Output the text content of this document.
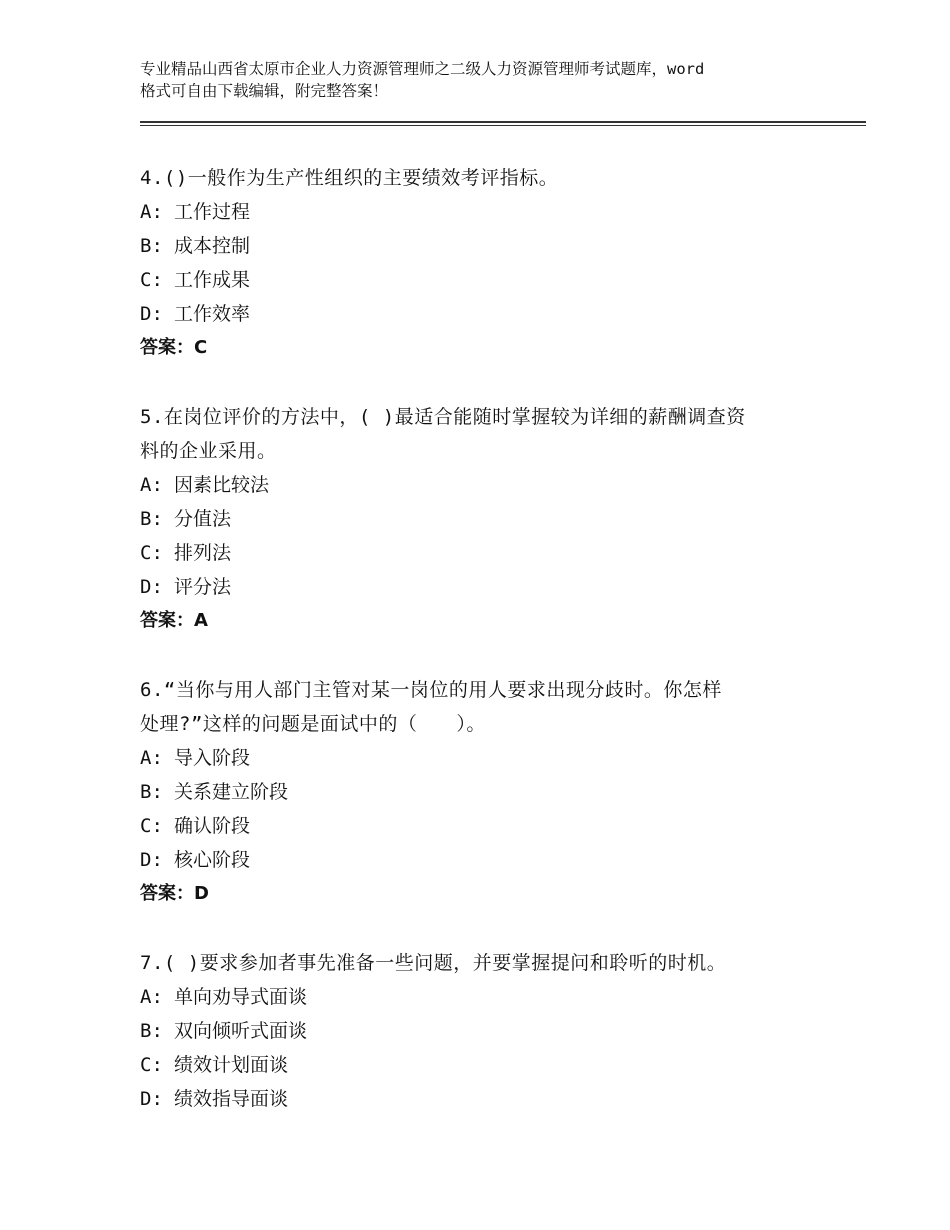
专业精品山西省太原市企业人力资源管理师之二级人力资源管理师考试题库，word
格式可自由下载编辑，附完整答案！
4.()一般作为生产性组织的主要绩效考评指标。
A: 工作过程
B: 成本控制
C: 工作成果
D: 工作效率
答案：C
5.在岗位评价的方法中，( )最适合能随时掌握较为详细的薪酬调查资
料的企业采用。
A: 因素比较法
B: 分值法
C: 排列法
D: 评分法
答案：A
6.“当你与用人部门主管对某一岗位的用人要求出现分歧时。你怎样
处理?”这样的问题是面试中的（　　）。
A: 导入阶段
B: 关系建立阶段
C: 确认阶段
D: 核心阶段
答案：D
7.( )要求参加者事先准备一些问题，并要掌握提问和聆听的时机。
A: 单向劝导式面谈
B: 双向倾听式面谈
C: 绩效计划面谈
D: 绩效指导面谈
